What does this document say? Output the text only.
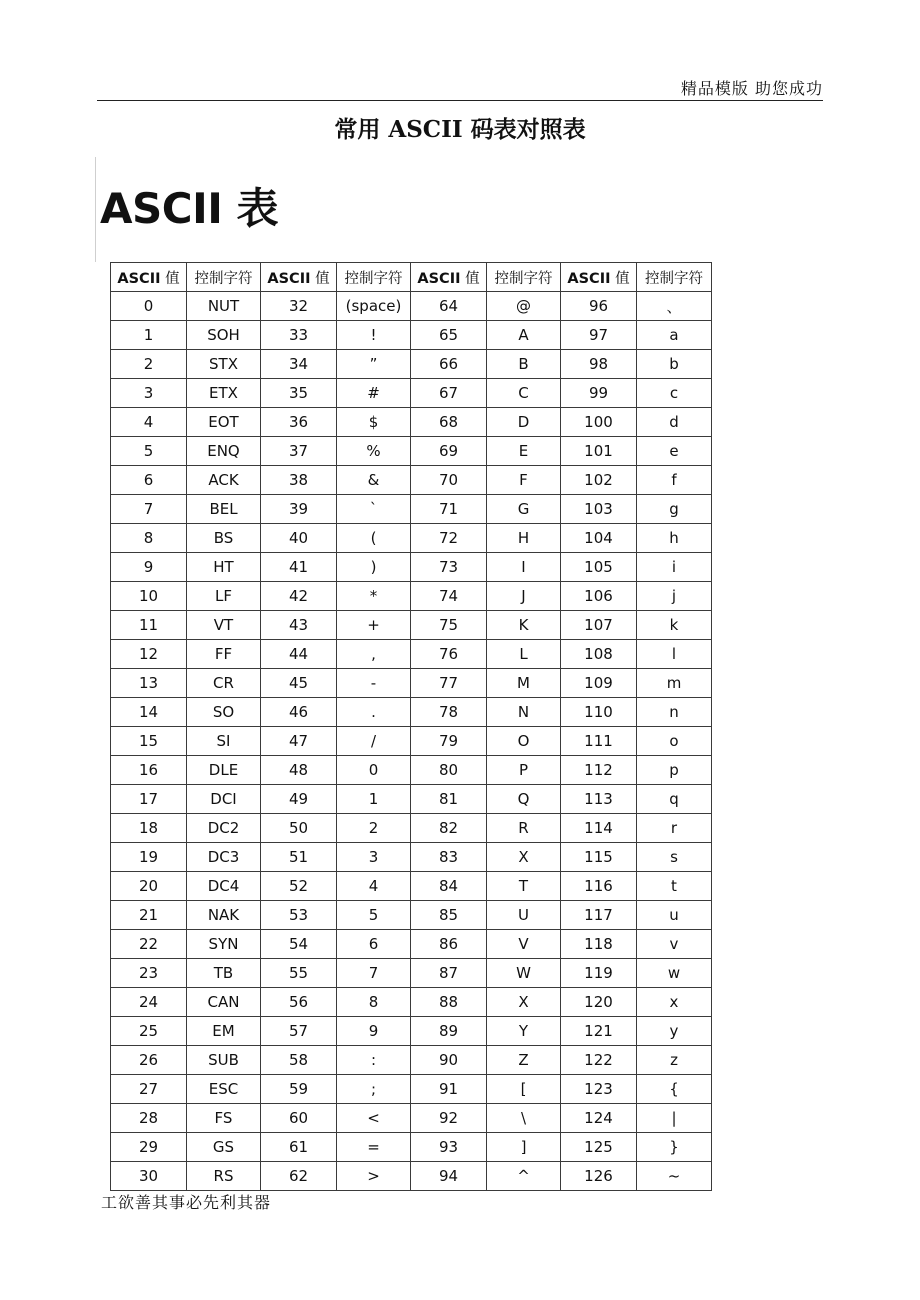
精品模版 助您成功
常用 ASCII 码表对照表
ASCII 表
ASCII 值	控制字符	ASCII 值	控制字符	ASCII 值	控制字符	ASCII 值	控制字符
0	NUT	32	(space)	64	@	96	、
1	SOH	33	!	65	A	97	a
2	STX	34	”	66	B	98	b
3	ETX	35	#	67	C	99	c
4	EOT	36	$	68	D	100	d
5	ENQ	37	%	69	E	101	e
6	ACK	38	&	70	F	102	f
7	BEL	39	`	71	G	103	g
8	BS	40	(	72	H	104	h
9	HT	41	)	73	I	105	i
10	LF	42	*	74	J	106	j
11	VT	43	+	75	K	107	k
12	FF	44	,	76	L	108	l
13	CR	45	-	77	M	109	m
14	SO	46	.	78	N	110	n
15	SI	47	/	79	O	111	o
16	DLE	48	0	80	P	112	p
17	DCI	49	1	81	Q	113	q
18	DC2	50	2	82	R	114	r
19	DC3	51	3	83	X	115	s
20	DC4	52	4	84	T	116	t
21	NAK	53	5	85	U	117	u
22	SYN	54	6	86	V	118	v
23	TB	55	7	87	W	119	w
24	CAN	56	8	88	X	120	x
25	EM	57	9	89	Y	121	y
26	SUB	58	:	90	Z	122	z
27	ESC	59	;	91	[	123	{
28	FS	60	<	92	\	124	|
29	GS	61	=	93	]	125	}
30	RS	62	>	94	^	126	~
工欲善其事必先利其器
